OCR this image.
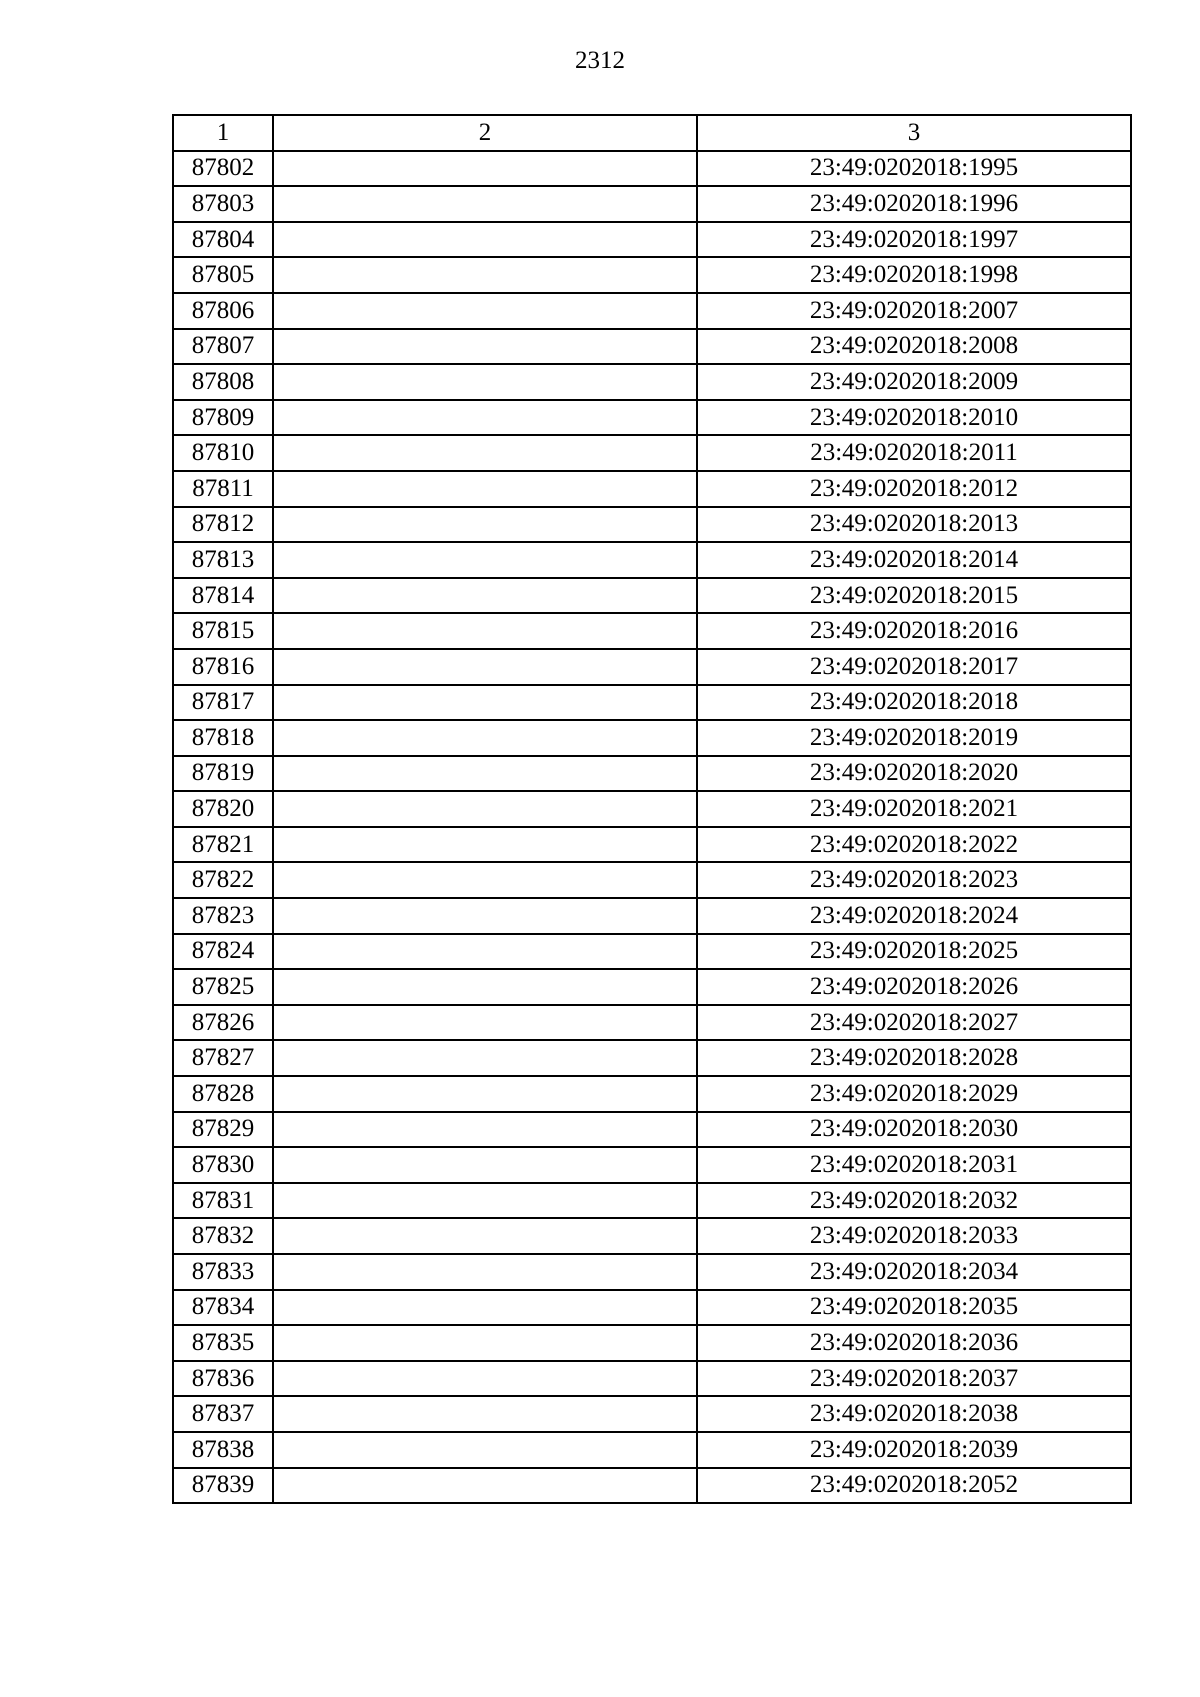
2312
1	2	3
87802		23:49:0202018:1995
87803		23:49:0202018:1996
87804		23:49:0202018:1997
87805		23:49:0202018:1998
87806		23:49:0202018:2007
87807		23:49:0202018:2008
87808		23:49:0202018:2009
87809		23:49:0202018:2010
87810		23:49:0202018:2011
87811		23:49:0202018:2012
87812		23:49:0202018:2013
87813		23:49:0202018:2014
87814		23:49:0202018:2015
87815		23:49:0202018:2016
87816		23:49:0202018:2017
87817		23:49:0202018:2018
87818		23:49:0202018:2019
87819		23:49:0202018:2020
87820		23:49:0202018:2021
87821		23:49:0202018:2022
87822		23:49:0202018:2023
87823		23:49:0202018:2024
87824		23:49:0202018:2025
87825		23:49:0202018:2026
87826		23:49:0202018:2027
87827		23:49:0202018:2028
87828		23:49:0202018:2029
87829		23:49:0202018:2030
87830		23:49:0202018:2031
87831		23:49:0202018:2032
87832		23:49:0202018:2033
87833		23:49:0202018:2034
87834		23:49:0202018:2035
87835		23:49:0202018:2036
87836		23:49:0202018:2037
87837		23:49:0202018:2038
87838		23:49:0202018:2039
87839		23:49:0202018:2052
